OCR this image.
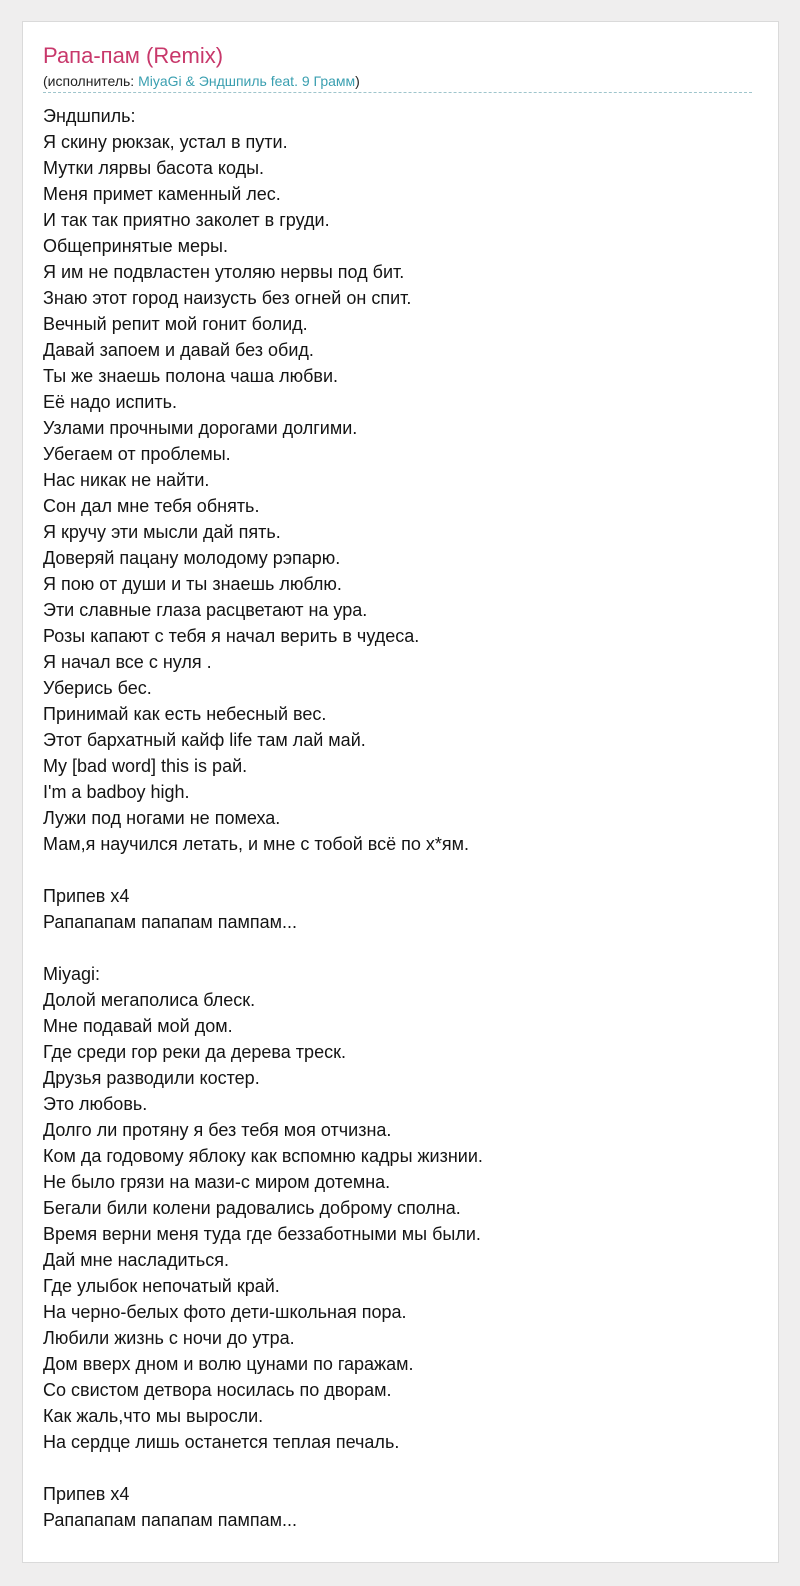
Рапа-пам (Remix)
(исполнитель: MiyaGi & Эндшпиль feat. 9 Грамм)
Эндшпиль:
Я скину рюкзак, устал в пути.
Мутки лярвы басота коды.
Меня примет каменный лес.
И так так приятно заколет в груди.
Общепринятые меры.
Я им не подвластен утоляю нервы под бит.
Знаю этот город наизусть без огней он спит.
Вечный репит мой гонит болид.
Давай запоем и давай без обид.
Ты же знаешь полона чаша любви.
Её надо испить.
Узлами прочными дорогами долгими.
Убегаем от проблемы.
Нас никак не найти.
Сон дал мне тебя обнять.
Я кручу эти мысли дай пять.
Доверяй пацану молодому рэпарю.
Я пою от души и ты знаешь люблю.
Эти славные глаза расцветают на ура.
Розы капают с тебя я начал верить в чудеса.
Я начал все с нуля .
Уберись бес.
Принимай как есть небесный вес.
Этот бархатный кайф life там лай май.
My [bad word] this is рай.
I'm a badboy high.
Лужи под ногами не помеха.
Мам,я научился летать, и мне с тобой всё по х*ям.
Припев x4
Рапапапам папапам пампам...
Miyagi:
Долой мегаполиса блеск.
Мне подавай мой дом.
Где среди гор реки да дерева треск.
Друзья разводили костер.
Это любовь.
Долго ли протяну я без тебя моя отчизна.
Ком да годовому яблоку как вспомню кадры жизнии.
Не было грязи на мази-с миром дотемна.
Бегали били колени радовались доброму сполна.
Время верни меня туда где беззаботными мы были.
Дай мне насладиться.
Где улыбок непочатый край.
На черно-белых фото дети-школьная пора.
Любили жизнь с ночи до утра.
Дом вверх дном и волю цунами по гаражам.
Со свистом детвора носилась по дворам.
Как жаль,что мы выросли.
На сердце лишь останется теплая печаль.
Припев x4
Рапапапам папапам пампам...
